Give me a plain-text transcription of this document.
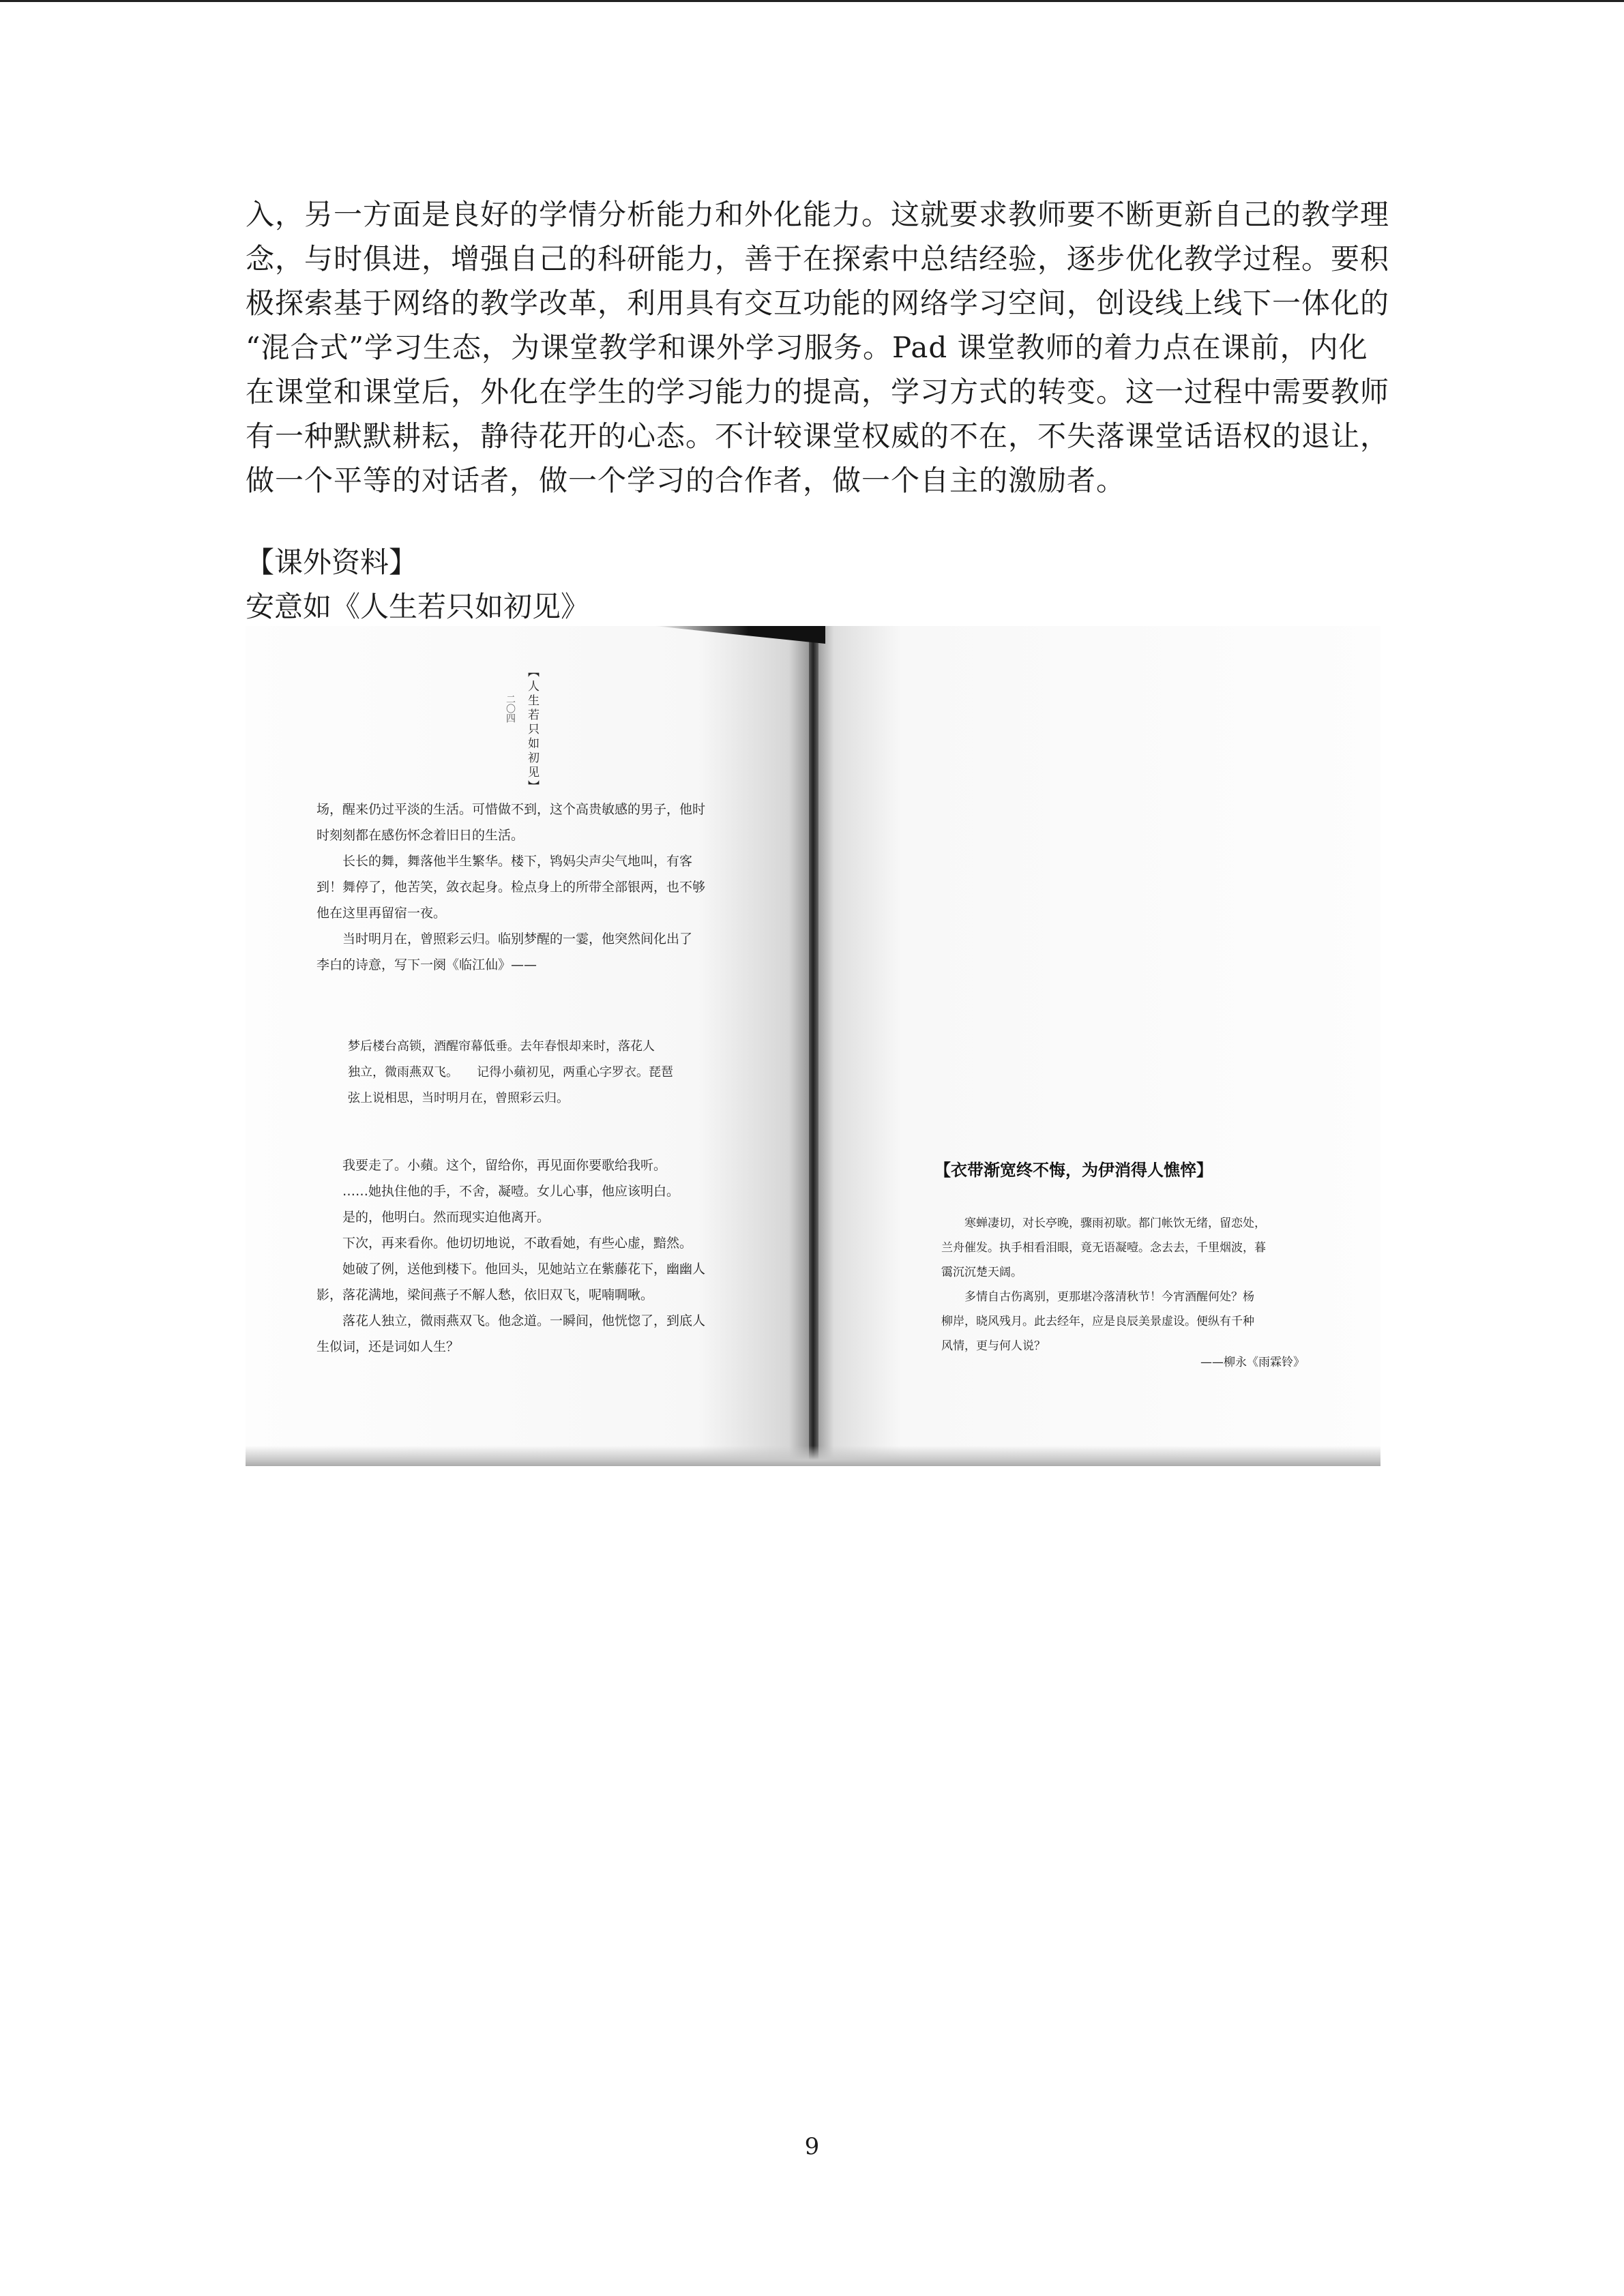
入，另一方面是良好的学情分析能力和外化能力。这就要求教师要不断更新自己的教学理

念，与时俱进，增强自己的科研能力，善于在探索中总结经验，逐步优化教学过程。要积

极探索基于网络的教学改革，利用具有交互功能的网络学习空间，创设线上线下一体化的

“混合式”学习生态，为课堂教学和课外学习服务。Pad 课堂教师的着力点在课前，内化

在课堂和课堂后，外化在学生的学习能力的提高，学习方式的转变。这一过程中需要教师

有一种默默耕耘，静待花开的心态。不计较课堂权威的不在，不失落课堂话语权的退让，

做一个平等的对话者，做一个学习的合作者，做一个自主的激励者。

【课外资料】
安意如《人生若只如初见》
【人生若只如初见】
二〇四

场，醒来仍过平淡的生活。可惜做不到，这个高贵敏感的男子，他时

时刻刻都在感伤怀念着旧日的生活。

　　长长的舞，舞落他半生繁华。楼下，鸨妈尖声尖气地叫，有客

到！舞停了，他苦笑，敛衣起身。检点身上的所带全部银两，也不够

他在这里再留宿一夜。

　　当时明月在，曾照彩云归。临别梦醒的一霎，他突然间化出了

李白的诗意，写下一阕《临江仙》——

梦后楼台高锁，酒醒帘幕低垂。去年春恨却来时，落花人

独立，微雨燕双飞。　　记得小蘋初见，两重心字罗衣。琵琶

弦上说相思，当时明月在，曾照彩云归。

　　我要走了。小蘋。这个，留给你，再见面你要歌给我听。

　　……她执住他的手，不舍，凝噎。女儿心事，他应该明白。

　　是的，他明白。然而现实迫他离开。

　　下次，再来看你。他切切地说，不敢看她，有些心虚，黯然。

　　她破了例，送他到楼下。他回头，见她站立在紫藤花下，幽幽人

影，落花满地，梁间燕子不解人愁，依旧双飞，呢喃啁啾。

　　落花人独立，微雨燕双飞。他念道。一瞬间，他恍惚了，到底人

生似词，还是词如人生？

【衣带渐宽终不悔，为伊消得人憔悴】

　　寒蝉凄切，对长亭晚，骤雨初歇。都门帐饮无绪，留恋处，

兰舟催发。执手相看泪眼，竟无语凝噎。念去去，千里烟波，暮

霭沉沉楚天阔。

　　多情自古伤离别，更那堪冷落清秋节！今宵酒醒何处？杨

柳岸，晓风残月。此去经年，应是良辰美景虚设。便纵有千种

风情，更与何人说？

——柳永《雨霖铃》
9
